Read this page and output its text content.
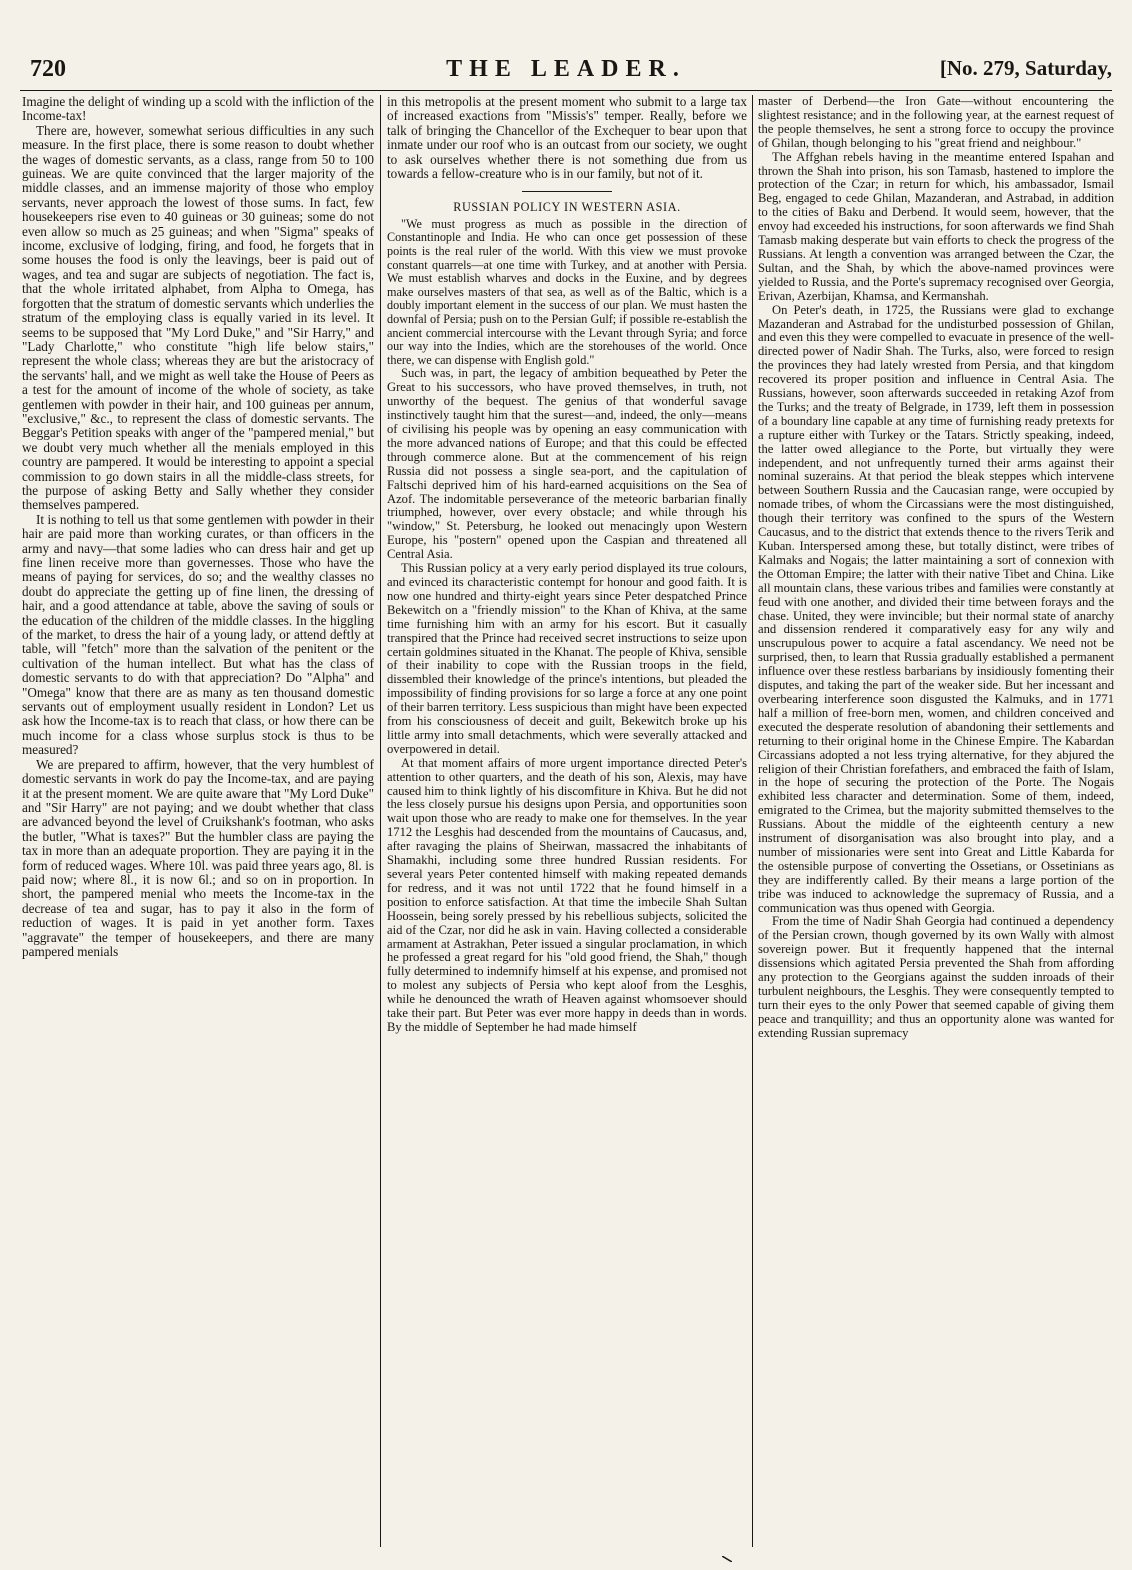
THE LEADER.
720	[No. 279, Saturday,

Imagine the delight of winding up a scold with the infliction of the Income-tax!

There are, however, somewhat serious difficulties in any such measure. In the first place, there is some reason to doubt whether the wages of domestic servants, as a class, range from 50 to 100 guineas. We are quite convinced that the larger majority of the middle classes, and an immense majority of those who employ servants, never approach the lowest of those sums. In fact, few housekeepers rise even to 40 guineas or 30 guineas; some do not even allow so much as 25 guineas; and when "Sigma" speaks of income, exclusive of lodging, firing, and food, he forgets that in some houses the food is only the leavings, beer is paid out of wages, and tea and sugar are subjects of negotiation. The fact is, that the whole irritated alphabet, from Alpha to Omega, has forgotten that the stratum of domestic servants which underlies the stratum of the employing class is equally varied in its level. It seems to be supposed that "My Lord Duke," and "Sir Harry," and "Lady Charlotte," who constitute "high life below stairs," represent the whole class; whereas they are but the aristocracy of the servants' hall, and we might as well take the House of Peers as a test for the amount of income of the whole of society, as take gentlemen with powder in their hair, and 100 guineas per annum, "exclusive," &c., to represent the class of domestic servants. The Beggar's Petition speaks with anger of the "pampered menial," but we doubt very much whether all the menials employed in this country are pampered. It would be interesting to appoint a special commission to go down stairs in all the middle-class streets, for the purpose of asking Betty and Sally whether they consider themselves pampered.

It is nothing to tell us that some gentlemen with powder in their hair are paid more than working curates, or than officers in the army and navy—that some ladies who can dress hair and get up fine linen receive more than governesses. Those who have the means of paying for services, do so; and the wealthy classes no doubt do appreciate the getting up of fine linen, the dressing of hair, and a good attendance at table, above the saving of souls or the education of the children of the middle classes. In the higgling of the market, to dress the hair of a young lady, or attend deftly at table, will "fetch" more than the salvation of the penitent or the cultivation of the human intellect. But what has the class of domestic servants to do with that appreciation? Do "Alpha" and "Omega" know that there are as many as ten thousand domestic servants out of employment usually resident in London? Let us ask how the Income-tax is to reach that class, or how there can be much income for a class whose surplus stock is thus to be measured?

We are prepared to affirm, however, that the very humblest of domestic servants in work do pay the Income-tax, and are paying it at the present moment. We are quite aware that "My Lord Duke" and "Sir Harry" are not paying; and we doubt whether that class are advanced beyond the level of Cruikshank's footman, who asks the butler, "What is taxes?" But the humbler class are paying the tax in more than an adequate proportion. They are paying it in the form of reduced wages. Where 10l. was paid three years ago, 8l. is paid now; where 8l., it is now 6l.; and so on in proportion. In short, the pampered menial who meets the Income-tax in the decrease of tea and sugar, has to pay it also in the form of reduction of wages. It is paid in yet another form. Taxes "aggravate" the temper of housekeepers, and there are many pampered menials

in this metropolis at the present moment who submit to a large tax of increased exactions from "Missis's" temper. Really, before we talk of bringing the Chancellor of the Exchequer to bear upon that inmate under our roof who is an outcast from our society, we ought to ask ourselves whether there is not something due from us towards a fellow-creature who is in our family, but not of it.

RUSSIAN POLICY IN WESTERN ASIA.

"We must progress as much as possible in the direction of Constantinople and India. He who can once get possession of these points is the real ruler of the world. With this view we must provoke constant quarrels—at one time with Turkey, and at another with Persia. We must establish wharves and docks in the Euxine, and by degrees make ourselves masters of that sea, as well as of the Baltic, which is a doubly important element in the success of our plan. We must hasten the downfal of Persia; push on to the Persian Gulf; if possible re-establish the ancient commercial intercourse with the Levant through Syria; and force our way into the Indies, which are the storehouses of the world. Once there, we can dispense with English gold."

Such was, in part, the legacy of ambition bequeathed by Peter the Great to his successors, who have proved themselves, in truth, not unworthy of the bequest. The genius of that wonderful savage instinctively taught him that the surest—and, indeed, the only—means of civilising his people was by opening an easy communication with the more advanced nations of Europe; and that this could be effected through commerce alone. But at the commencement of his reign Russia did not possess a single sea-port, and the capitulation of Faltschi deprived him of his hard-earned acquisitions on the Sea of Azof. The indomitable perseverance of the meteoric barbarian finally triumphed, however, over every obstacle; and while through his "window," St. Petersburg, he looked out menacingly upon Western Europe, his "postern" opened upon the Caspian and threatened all Central Asia.

This Russian policy at a very early period displayed its true colours, and evinced its characteristic contempt for honour and good faith. It is now one hundred and thirty-eight years since Peter despatched Prince Bekewitch on a "friendly mission" to the Khan of Khiva, at the same time furnishing him with an army for his escort. But it casually transpired that the Prince had received secret instructions to seize upon certain goldmines situated in the Khanat. The people of Khiva, sensible of their inability to cope with the Russian troops in the field, dissembled their knowledge of the prince's intentions, but pleaded the impossibility of finding provisions for so large a force at any one point of their barren territory. Less suspicious than might have been expected from his consciousness of deceit and guilt, Bekewitch broke up his little army into small detachments, which were severally attacked and overpowered in detail.

At that moment affairs of more urgent importance directed Peter's attention to other quarters, and the death of his son, Alexis, may have caused him to think lightly of his discomfiture in Khiva. But he did not the less closely pursue his designs upon Persia, and opportunities soon wait upon those who are ready to make one for themselves. In the year 1712 the Lesghis had descended from the mountains of Caucasus, and, after ravaging the plains of Sheirwan, massacred the inhabitants of Shamakhi, including some three hundred Russian residents. For several years Peter contented himself with making repeated demands for redress, and it was not until 1722 that he found himself in a position to enforce satisfaction. At that time the imbecile Shah Sultan Hoossein, being sorely pressed by his rebellious subjects, solicited the aid of the Czar, nor did he ask in vain. Having collected a considerable armament at Astrakhan, Peter issued a singular proclamation, in which he professed a great regard for his "old good friend, the Shah," though fully determined to indemnify himself at his expense, and promised not to molest any subjects of Persia who kept aloof from the Lesghis, while he denounced the wrath of Heaven against whomsoever should take their part. But Peter was ever more happy in deeds than in words. By the middle of September he had made himself

master of Derbend—the Iron Gate—without encountering the slightest resistance; and in the following year, at the earnest request of the people themselves, he sent a strong force to occupy the province of Ghilan, though belonging to his "great friend and neighbour."

The Affghan rebels having in the meantime entered Ispahan and thrown the Shah into prison, his son Tamasb, hastened to implore the protection of the Czar; in return for which, his ambassador, Ismail Beg, engaged to cede Ghilan, Mazanderan, and Astrabad, in addition to the cities of Baku and Derbend. It would seem, however, that the envoy had exceeded his instructions, for soon afterwards we find Shah Tamasb making desperate but vain efforts to check the progress of the Russians. At length a convention was arranged between the Czar, the Sultan, and the Shah, by which the above-named provinces were yielded to Russia, and the Porte's supremacy recognised over Georgia, Erivan, Azerbijan, Khamsa, and Kermanshah.

On Peter's death, in 1725, the Russians were glad to exchange Mazanderan and Astrabad for the undisturbed possession of Ghilan, and even this they were compelled to evacuate in presence of the well-directed power of Nadir Shah. The Turks, also, were forced to resign the provinces they had lately wrested from Persia, and that kingdom recovered its proper position and influence in Central Asia. The Russians, however, soon afterwards succeeded in retaking Azof from the Turks; and the treaty of Belgrade, in 1739, left them in possession of a boundary line capable at any time of furnishing ready pretexts for a rupture either with Turkey or the Tatars. Strictly speaking, indeed, the latter owed allegiance to the Porte, but virtually they were independent, and not unfrequently turned their arms against their nominal suzerains. At that period the bleak steppes which intervene between Southern Russia and the Caucasian range, were occupied by nomade tribes, of whom the Circassians were the most distinguished, though their territory was confined to the spurs of the Western Caucasus, and to the district that extends thence to the rivers Terik and Kuban. Interspersed among these, but totally distinct, were tribes of Kalmaks and Nogais; the latter maintaining a sort of connexion with the Ottoman Empire; the latter with their native Tibet and China. Like all mountain clans, these various tribes and families were constantly at feud with one another, and divided their time between forays and the chase. United, they were invincible; but their normal state of anarchy and dissension rendered it comparatively easy for any wily and unscrupulous power to acquire a fatal ascendancy. We need not be surprised, then, to learn that Russia gradually established a permanent influence over these restless barbarians by insidiously fomenting their disputes, and taking the part of the weaker side. But her incessant and overbearing interference soon disgusted the Kalmuks, and in 1771 half a million of free-born men, women, and children conceived and executed the desperate resolution of abandoning their settlements and returning to their original home in the Chinese Empire. The Kabardan Circassians adopted a not less trying alternative, for they abjured the religion of their Christian forefathers, and embraced the faith of Islam, in the hope of securing the protection of the Porte. The Nogais exhibited less character and determination. Some of them, indeed, emigrated to the Crimea, but the majority submitted themselves to the Russians. About the middle of the eighteenth century a new instrument of disorganisation was also brought into play, and a number of missionaries were sent into Great and Little Kabarda for the ostensible purpose of converting the Ossetians, or Ossetinians as they are indifferently called. By their means a large portion of the tribe was induced to acknowledge the supremacy of Russia, and a communication was thus opened with Georgia.

From the time of Nadir Shah Georgia had continued a dependency of the Persian crown, though governed by its own Wally with almost sovereign power. But it frequently happened that the internal dissensions which agitated Persia prevented the Shah from affording any protection to the Georgians against the sudden inroads of their turbulent neighbours, the Lesghis. They were consequently tempted to turn their eyes to the only Power that seemed capable of giving them peace and tranquillity; and thus an opportunity alone was wanted for extending Russian supremacy
